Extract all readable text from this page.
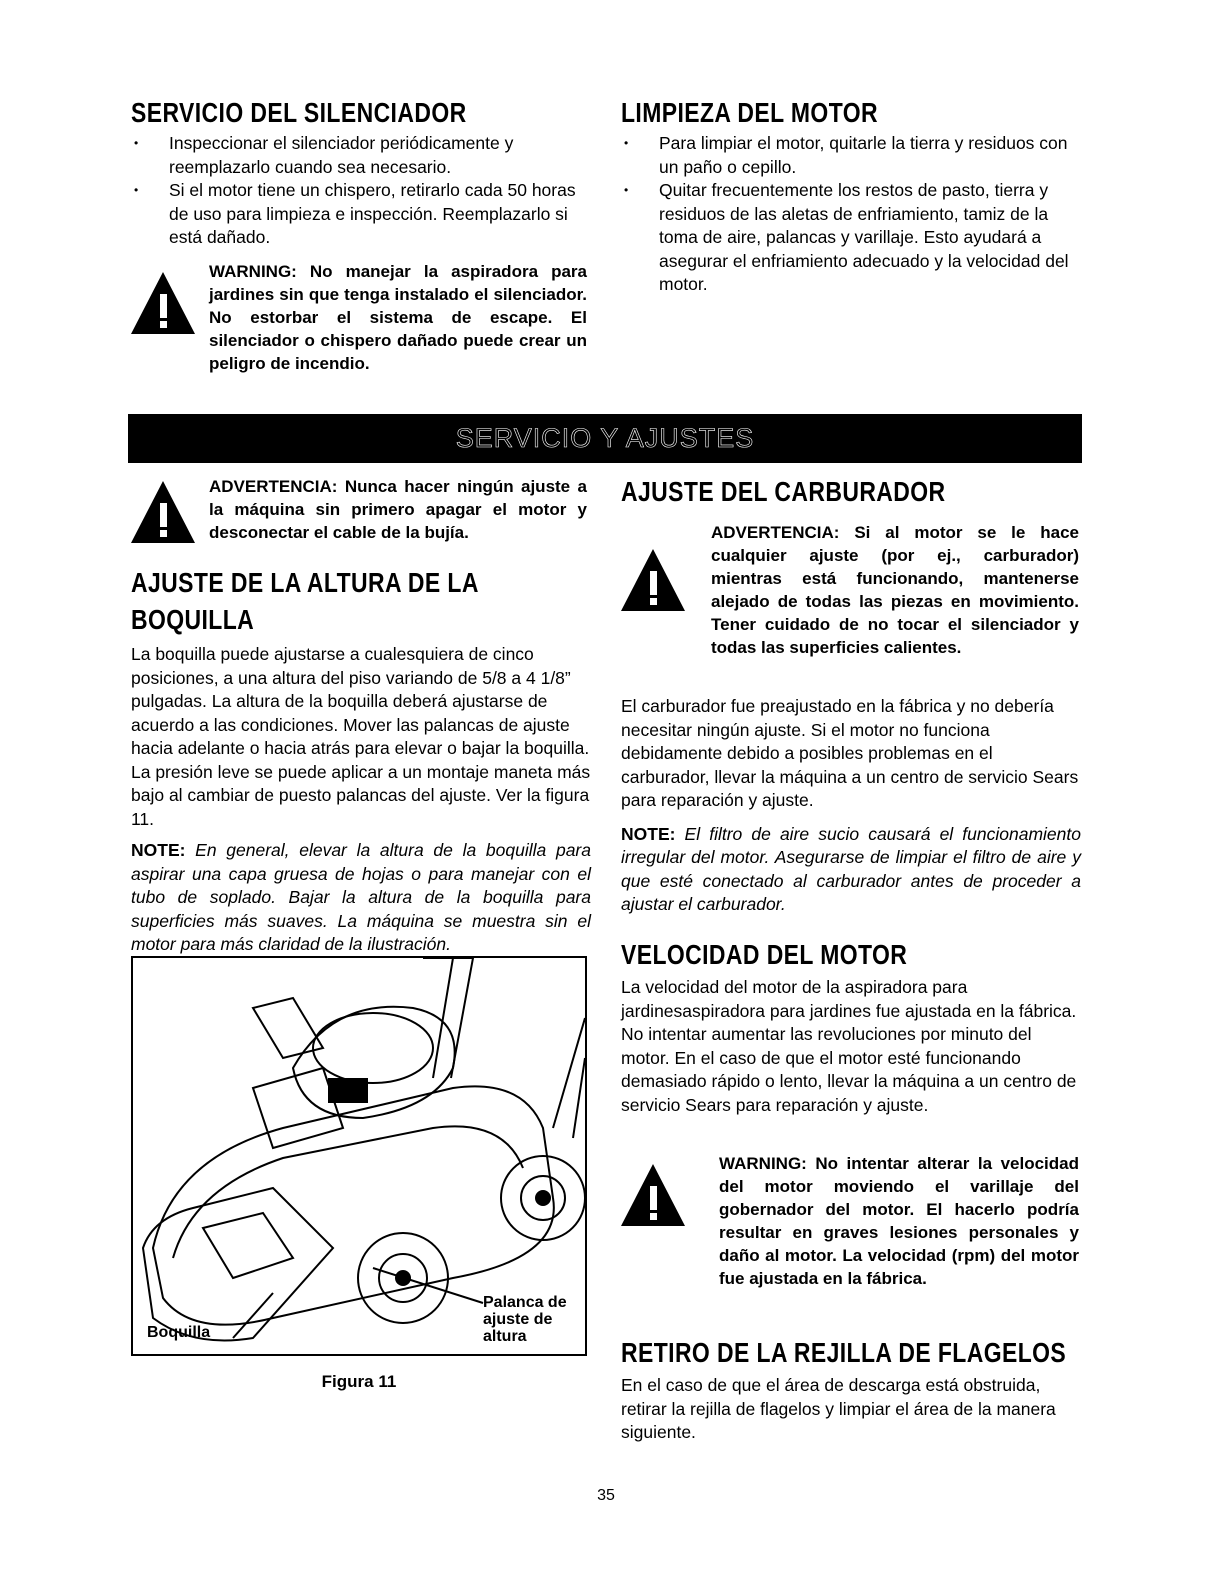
SERVICIO DEL SILENCIADOR
• Inspeccionar el silenciador periódicamente y reemplazarlo cuando sea necesario.
• Si el motor tiene un chispero, retirarlo cada 50 horas de uso para limpieza e inspección. Reemplazarlo si está dañado.
WARNING: No manejar la aspiradora para jardines sin que tenga instalado el silenciador. No estorbar el sistema de escape. El silenciador o chispero dañado puede crear un peligro de incendio.
LIMPIEZA DEL MOTOR
• Para limpiar el motor, quitarle la tierra y residuos con un paño o cepillo.
• Quitar frecuentemente los restos de pasto, tierra y residuos de las aletas de enfriamiento, tamiz de la toma de aire, palancas y varillaje. Esto ayudará a asegurar el enfriamiento adecuado y la velocidad del motor.
SERVICIO Y AJUSTES
ADVERTENCIA: Nunca hacer ningún ajuste a la máquina sin primero apagar el motor y desconectar el cable de la bujía.
AJUSTE DE LA ALTURA DE LA
BOQUILLA

La boquilla puede ajustarse a cualesquiera de cinco posiciones, a una altura del piso variando de 5/8 a 4 1/8” pulgadas. La altura de la boquilla deberá ajustarse de acuerdo a las condiciones. Mover las palancas de ajuste hacia adelante o hacia atrás para elevar o bajar la boquilla. La presión leve se puede aplicar a un montaje maneta más bajo al cambiar de puesto palancas del ajuste. Ver la figura 11.

NOTE: En general, elevar la altura de la boquilla para aspirar una capa gruesa de hojas o para manejar con el tubo de soplado. Bajar la altura de la boquilla para superficies más suaves. La máquina se muestra sin el motor para más claridad de la ilustración.
Boquilla
Palanca de
ajuste de
altura
Figura 11
AJUSTE DEL CARBURADOR
ADVERTENCIA: Si al motor se le hace cualquier ajuste (por ej., carburador) mientras está funcionando, mantenerse alejado de todas las piezas en movimiento. Tener cuidado de no tocar el silenciador y todas las superficies calientes.

El carburador fue preajustado en la fábrica y no debería necesitar ningún ajuste. Si el motor no funciona debidamente debido a posibles problemas en el carburador, llevar la máquina a un centro de servicio Sears para reparación y ajuste.

NOTE: El filtro de aire sucio causará el funcionamiento irregular del motor. Asegurarse de limpiar el filtro de aire y que esté conectado al carburador antes de proceder a ajustar el carburador.
VELOCIDAD DEL MOTOR

La velocidad del motor de la aspiradora para jardinesaspiradora para jardines fue ajustada en la fábrica. No intentar aumentar las revoluciones por minuto del motor. En el caso de que el motor esté funcionando demasiado rápido o lento, llevar la máquina a un centro de servicio Sears para reparación y ajuste.

WARNING: No intentar alterar la velocidad del motor moviendo el varillaje del gobernador del motor. El hacerlo podría resultar en graves lesiones personales y daño al motor. La velocidad (rpm) del motor fue ajustada en la fábrica.
RETIRO DE LA REJILLA DE FLAGELOS

En el caso de que el área de descarga está obstruida, retirar la rejilla de flagelos y limpiar el área de la manera siguiente.

35
